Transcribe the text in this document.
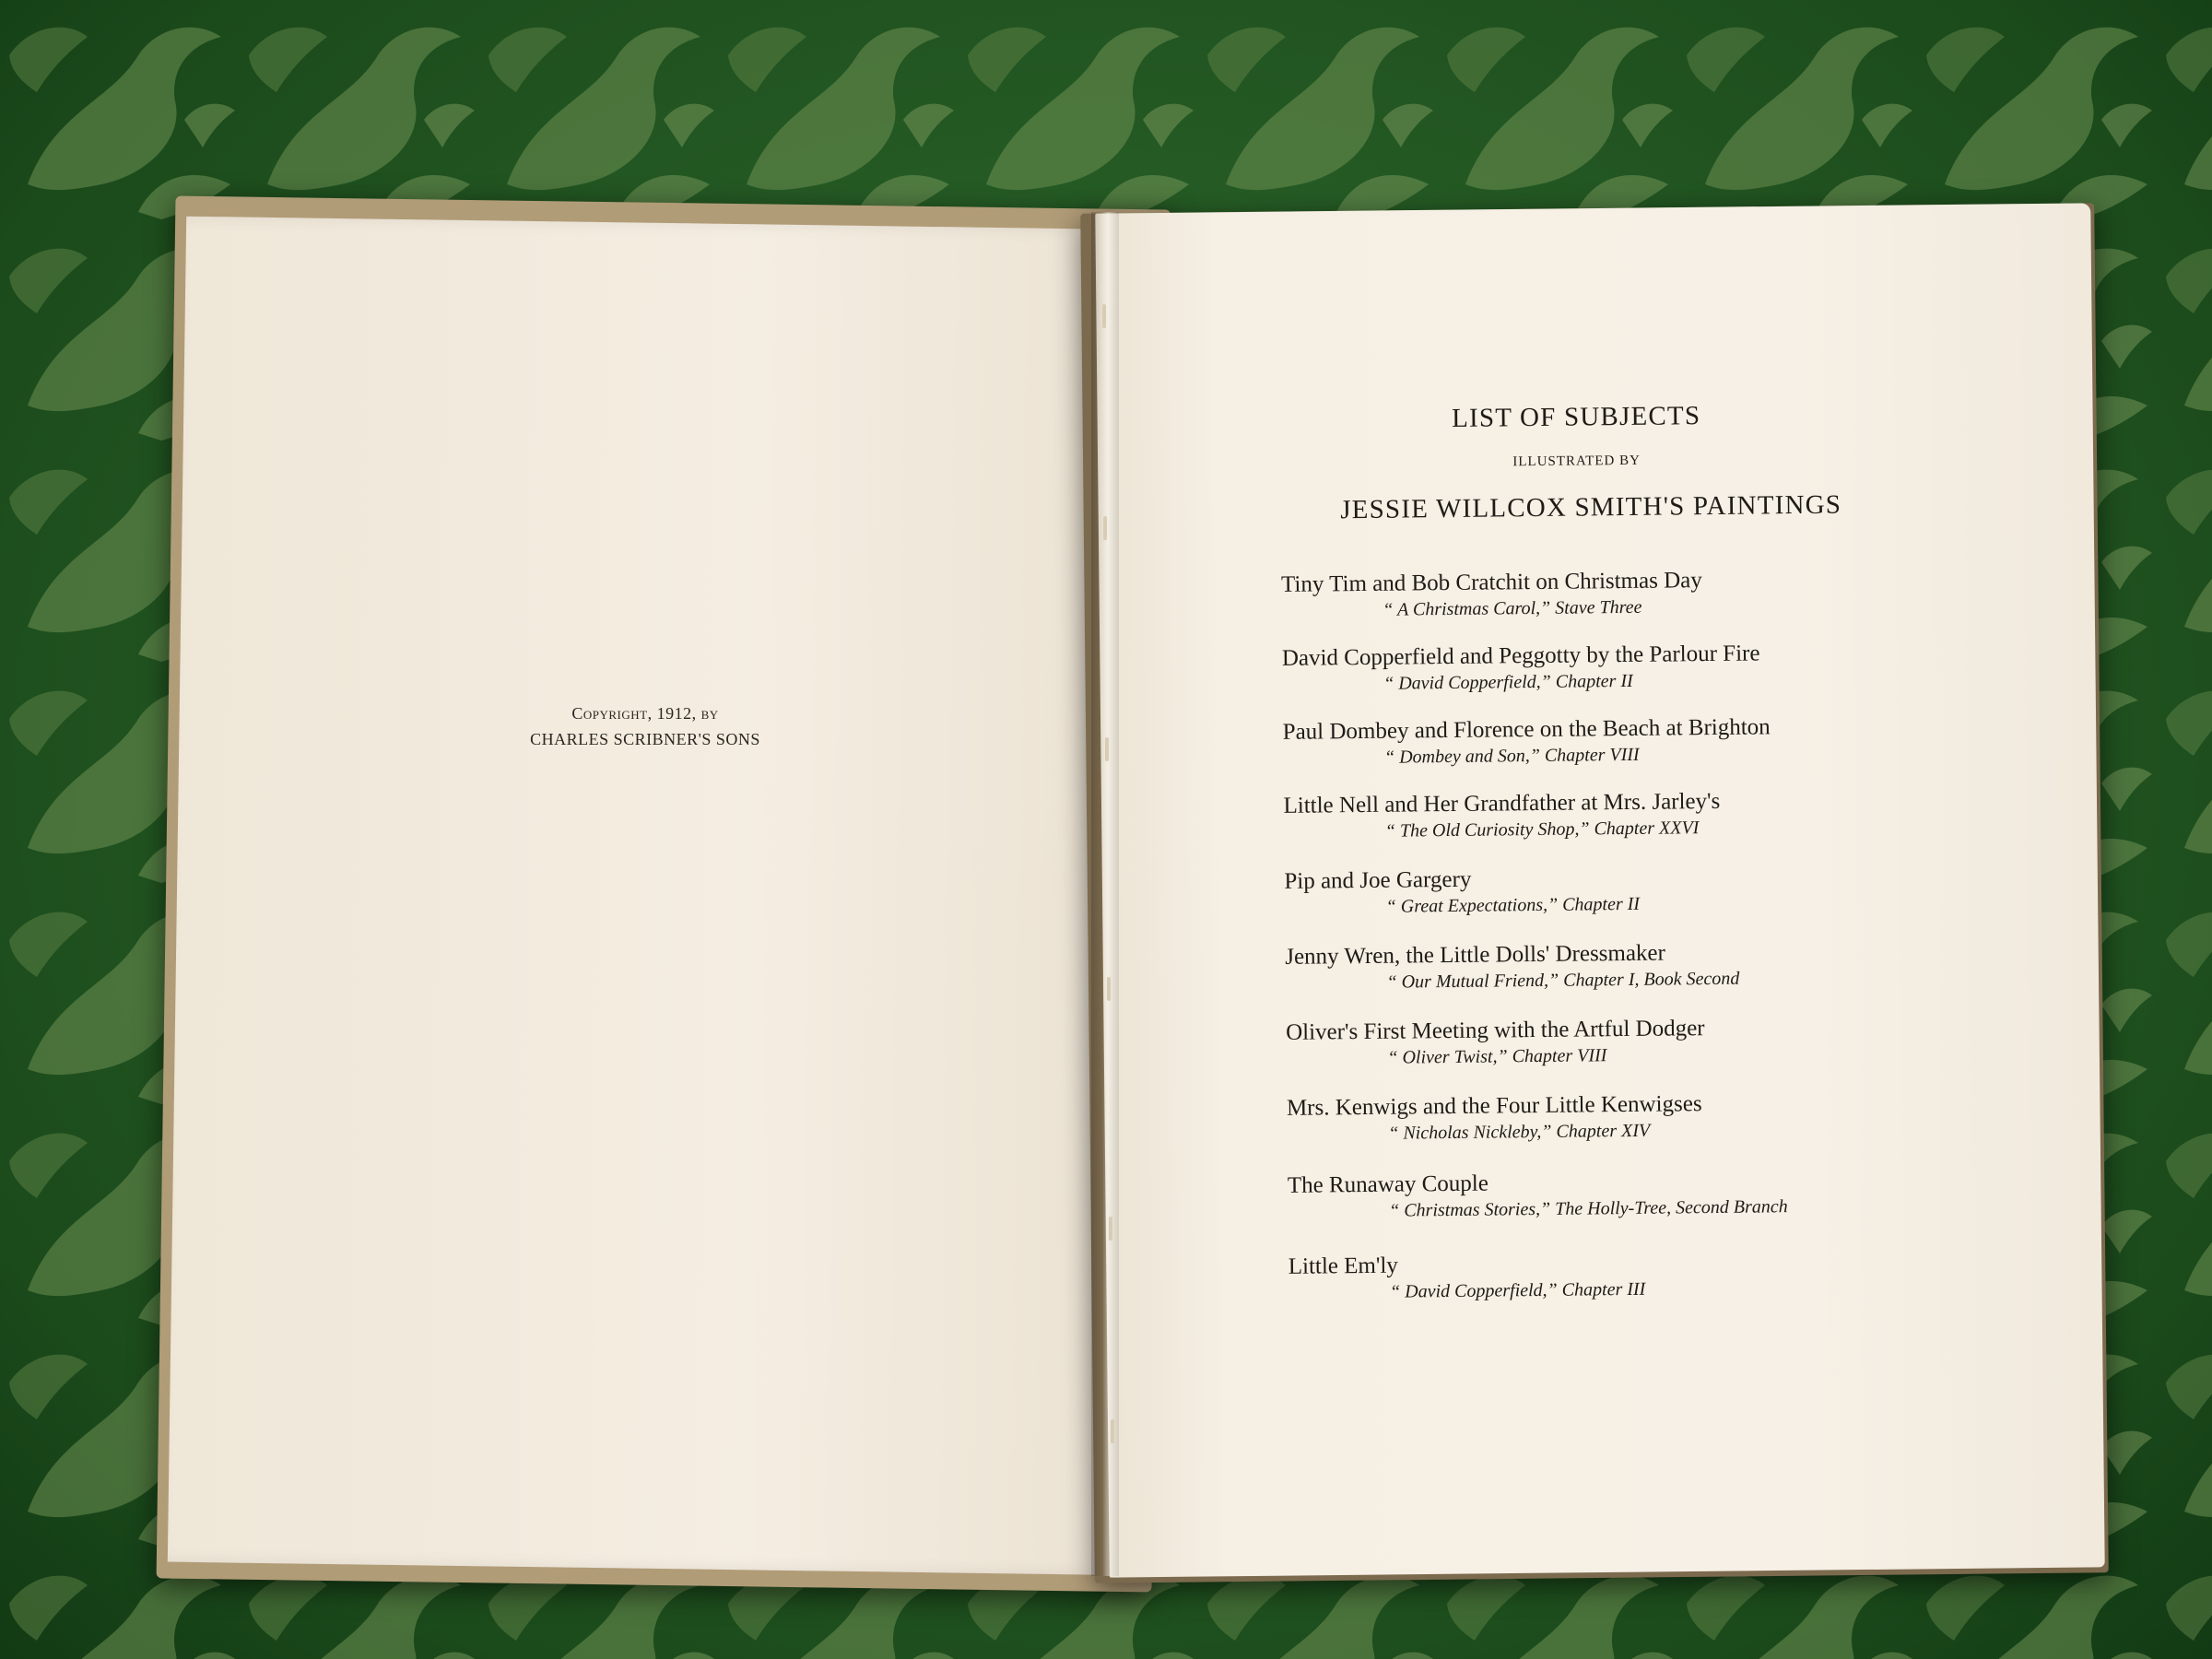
Copyright, 1912, by
CHARLES SCRIBNER'S SONS
LIST OF SUBJECTS
ILLUSTRATED BY
JESSIE WILLCOX SMITH'S PAINTINGS
Tiny Tim and Bob Cratchit on Christmas Day
“ A Christmas Carol,” Stave Three
David Copperfield and Peggotty by the Parlour Fire
“ David Copperfield,” Chapter II
Paul Dombey and Florence on the Beach at Brighton
“ Dombey and Son,” Chapter VIII
Little Nell and Her Grandfather at Mrs. Jarley's
“ The Old Curiosity Shop,” Chapter XXVI
Pip and Joe Gargery
“ Great Expectations,” Chapter II
Jenny Wren, the Little Dolls' Dressmaker
“ Our Mutual Friend,” Chapter I, Book Second
Oliver's First Meeting with the Artful Dodger
“ Oliver Twist,” Chapter VIII
Mrs. Kenwigs and the Four Little Kenwigses
“ Nicholas Nickleby,” Chapter XIV
The Runaway Couple
“ Christmas Stories,” The Holly-Tree, Second Branch
Little Em'ly
“ David Copperfield,” Chapter III
